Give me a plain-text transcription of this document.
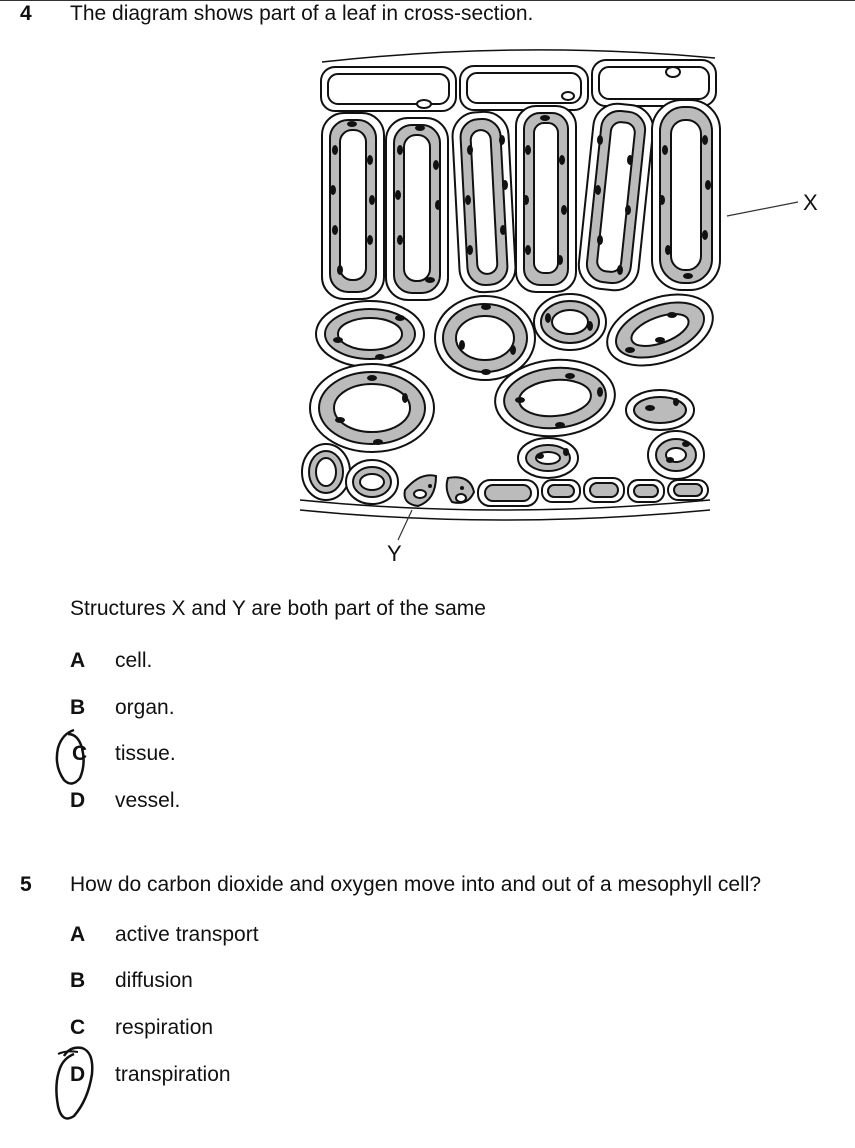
4 The diagram shows part of a leaf in cross-section.
X
Y
Structures X and Y are both part of the same
A	cell.
B	organ.
C	tissue.
D	vessel.
5 How do carbon dioxide and oxygen move into and out of a mesophyll cell?
A	active transport
B	diffusion
C	respiration
D	transpiration
